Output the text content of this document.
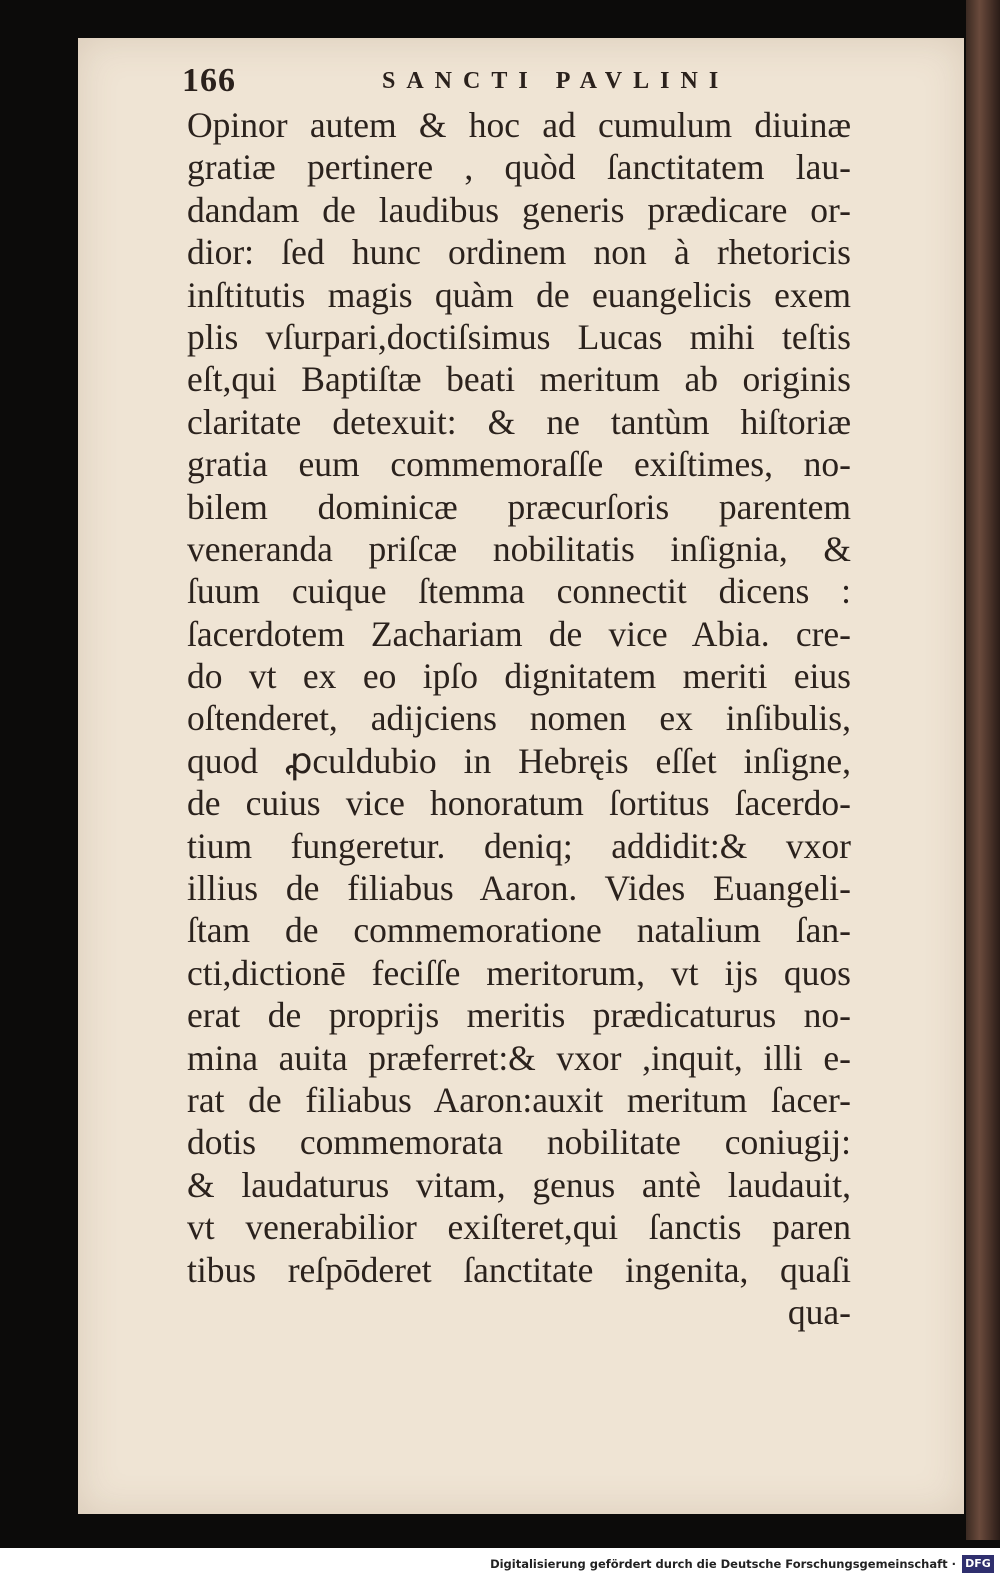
166	SANCTI PAVLINI
Opinor autem & hoc ad cumulum diuinæ
gratiæ pertinere , quòd ſanctitatem lau-
dandam de laudibus generis prædicare or-
dior: ſed hunc ordinem non à rhetoricis
inſtitutis magis quàm de euangelicis exem
plis vſurpari,doctiſsimus Lucas mihi teſtis
eſt,qui Baptiſtæ beati meritum ab originis
claritate detexuit: & ne tantùm hiſtoriæ
gratia eum commemoraſſe exiſtimes, no-
bilem dominicæ præcurſoris parentem
veneranda priſcæ nobilitatis inſignia, &
ſuum cuique ſtemma connectit dicens :
ſacerdotem Zachariam de vice Abia. cre-
do vt ex eo ipſo dignitatem meriti eius
oſtenderet, adijciens nomen ex inſibulis,
quod ꝓculdubio in Hebręis eſſet inſigne,
de cuius vice honoratum ſortitus ſacerdo-
tium fungeretur. deniq; addidit:& vxor
illius de filiabus Aaron. Vides Euangeli-
ſtam de commemoratione natalium ſan-
cti,dictionē feciſſe meritorum, vt ijs quos
erat de proprijs meritis prædicaturus no-
mina auita præferret:& vxor ,inquit, illi e-
rat de filiabus Aaron:auxit meritum ſacer-
dotis commemorata nobilitate coniugij:
& laudaturus vitam, genus antè laudauit,
vt venerabilior exiſteret,qui ſanctis paren
tibus reſpōderet ſanctitate ingenita, quaſi
qua-
Digitalisierung gefördert durch die Deutsche Forschungsgemeinschaft · DFG
